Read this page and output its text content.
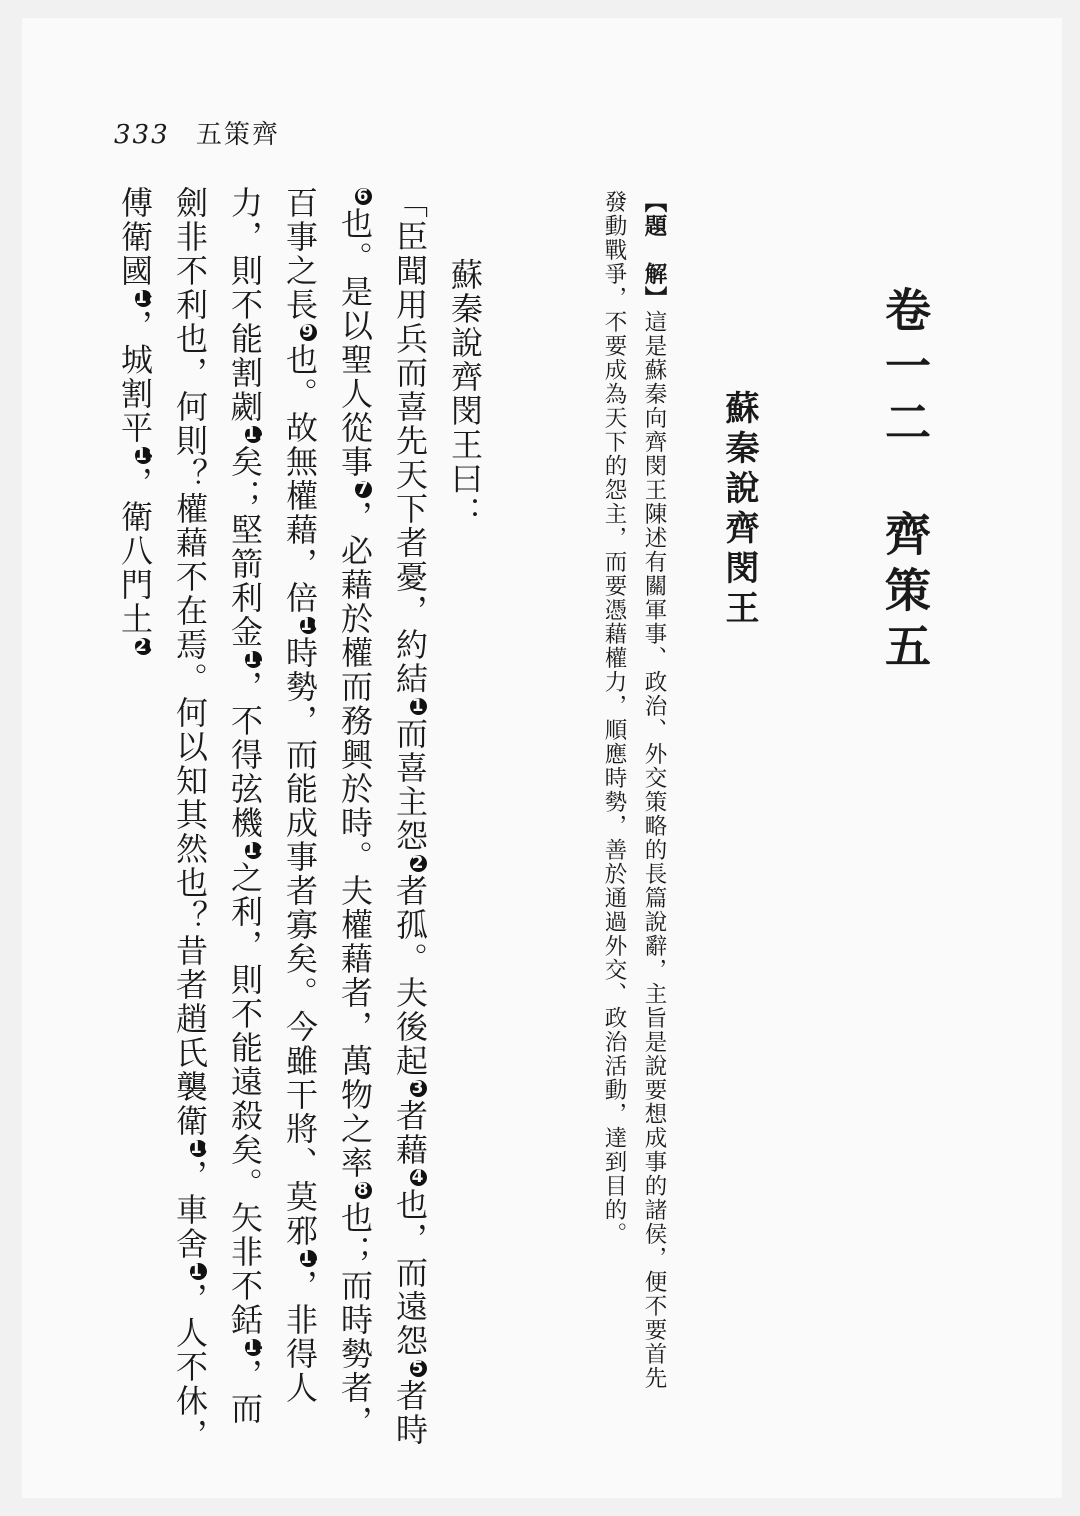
333 五策齊
卷一二　齊策五
蘇秦說齊閔王
【題　解】這是蘇秦向齊閔王陳述有關軍事、政治、外交策略的長篇說辭，主旨是說要想成事的諸侯，便不要首先發動戰爭，不要成為天下的怨主，而要憑藉權力，順應時勢，善於通過外交、政治活動，達到目的。
蘇秦說齊閔王曰：
「臣聞用兵而喜先天下者憂，約結1而喜主怨2者孤。夫後起3者藉4也，而遠怨5者時6也。是以聖人從事7，必藉於權而務興於時。夫權藉者，萬物之率8也；而時勢者，百事之長9也。故無權藉，倍10時勢，而能成事者寡矣。今雖干將、莫邪11，非得人力，則不能割劌12矣；堅箭利金13，不得弦機14之利，則不能遠殺矣。矢非不銛15，而劍非不利也，何則？權藉不在焉。何以知其然也？昔者趙氏襲衛16，車舍17，人不休，傅衛國18，城割平19，衛八門土20
